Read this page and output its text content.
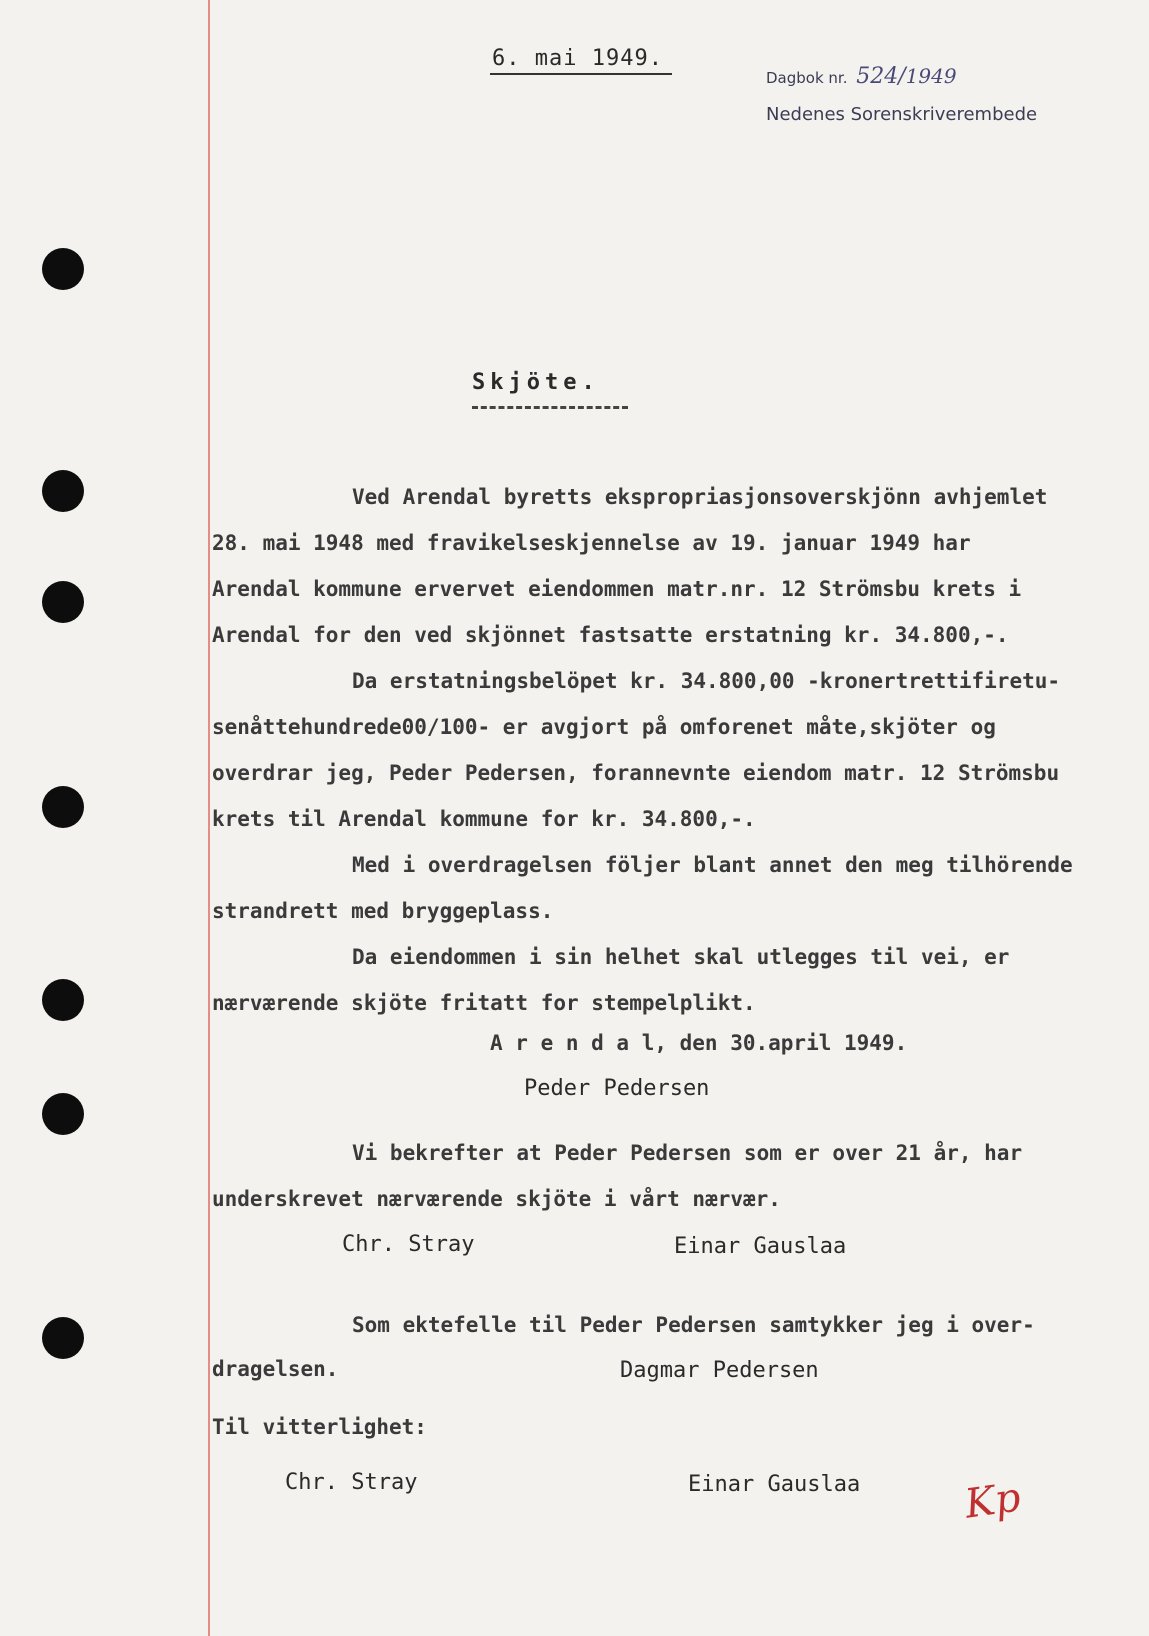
6. mai 1949.
Dagbok nr. 524/1949
Nedenes Sorenskriverembede
Skjöte.
Ved Arendal byretts ekspropriasjonsoverskjönn avhjemlet
28. mai 1948 med fravikelseskjennelse av 19. januar 1949 har
Arendal kommune ervervet eiendommen matr.nr. 12 Strömsbu krets i
Arendal for den ved skjönnet fastsatte erstatning kr. 34.800,-.
Da erstatningsbelöpet kr. 34.800,00 -kronertrettifiretu-
senåttehundrede00/100- er avgjort på omforenet måte,skjöter og
overdrar jeg, Peder Pedersen, forannevnte eiendom matr. 12 Strömsbu
krets til Arendal kommune for kr. 34.800,-.
Med i overdragelsen följer blant annet den meg tilhörende
strandrett med bryggeplass.
Da eiendommen i sin helhet skal utlegges til vei, er
nærværende skjöte fritatt for stempelplikt.
A r e n d a l, den 30.april 1949.
Peder Pedersen
Vi bekrefter at Peder Pedersen som er over 21 år, har
underskrevet nærværende skjöte i vårt nærvær.
Chr. Stray	Einar Gauslaa
Som ektefelle til Peder Pedersen samtykker jeg i over-
dragelsen.	Dagmar Pedersen
Til vitterlighet:
Chr. Stray	Einar Gauslaa	Kp
